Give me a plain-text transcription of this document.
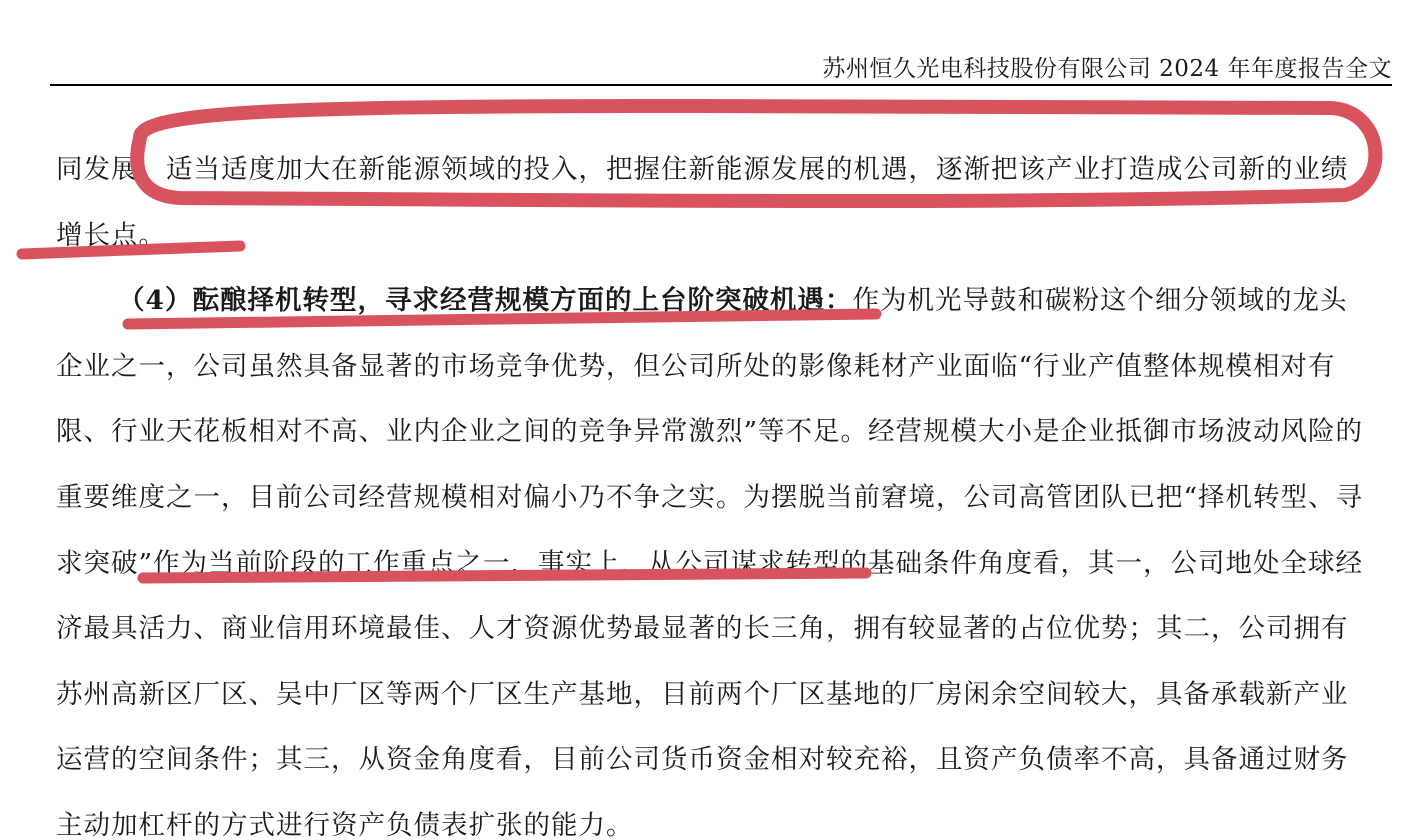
苏州恒久光电科技股份有限公司 2024 年年度报告全文

同发展，适当适度加大在新能源领域的投入，把握住新能源发展的机遇，逐渐把该产业打造成公司新的业绩增长点。

（4）酝酿择机转型，寻求经营规模方面的上台阶突破机遇：作为机光导鼓和碳粉这个细分领域的龙头企业之一，公司虽然具备显著的市场竞争优势，但公司所处的影像耗材产业面临“行业产值整体规模相对有限、行业天花板相对不高、业内企业之间的竞争异常激烈”等不足。经营规模大小是企业抵御市场波动风险的重要维度之一，目前公司经营规模相对偏小乃不争之实。为摆脱当前窘境，公司高管团队已把“择机转型、寻求突破”作为当前阶段的工作重点之一，事实上，从公司谋求转型的基础条件角度看，其一，公司地处全球经济最具活力、商业信用环境最佳、人才资源优势最显著的长三角，拥有较显著的占位优势；其二，公司拥有苏州高新区厂区、吴中厂区等两个厂区生产基地，目前两个厂区基地的厂房闲余空间较大，具备承载新产业运营的空间条件；其三，从资金角度看，目前公司货币资金相对较充裕，且资产负债率不高，具备通过财务主动加杠杆的方式进行资产负债表扩张的能力。
